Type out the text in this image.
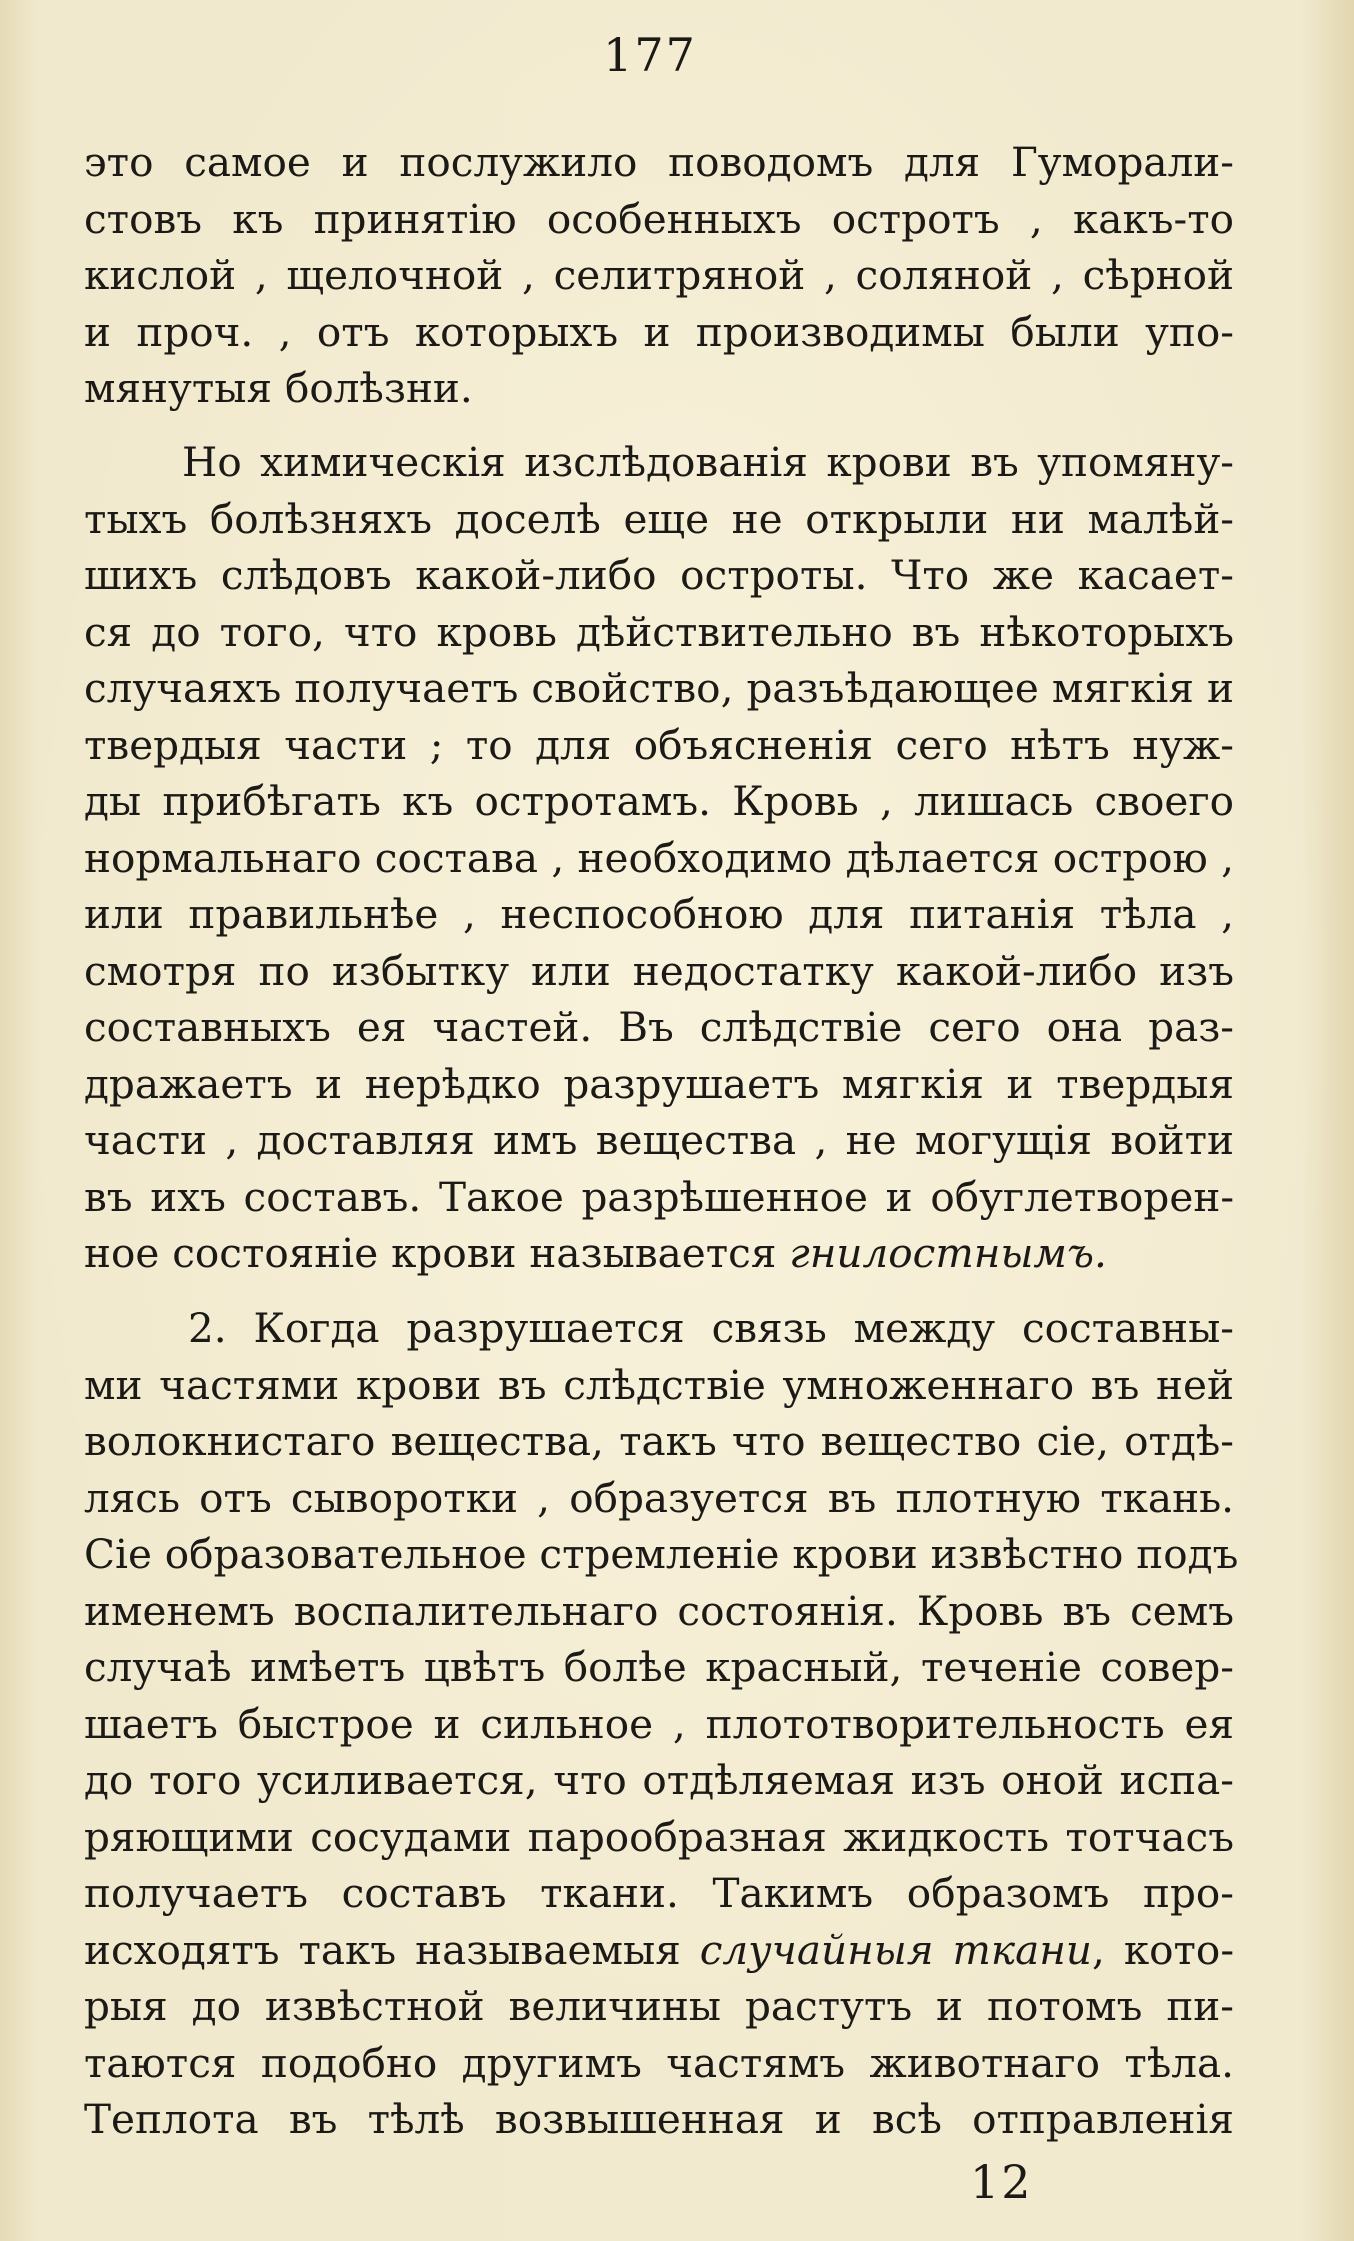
177
это самое и послужило поводомъ для Гуморали-
стовъ къ принятію особенныхъ остротъ , какъ-то
кислой , щелочной , селитряной , соляной , сѣрной
и проч. , отъ которыхъ и производимы были упо-
мянутыя болѣзни.
Но химическія изслѣдованія крови въ упомяну-
тыхъ болѣзняхъ доселѣ еще не открыли ни малѣй-
шихъ слѣдовъ какой-либо остроты. Что же касает-
ся до того, что кровь дѣйствительно въ нѣкоторыхъ
случаяхъ получаетъ свойство, разъѣдающее мягкія и
твердыя части ; то для объясненія сего нѣтъ нуж-
ды прибѣгать къ остротамъ. Кровь , лишась своего
нормальнаго состава , необходимо дѣлается острою ,
или правильнѣе , неспособною для питанія тѣла ,
смотря по избытку или недостатку какой-либо изъ
составныхъ ея частей. Въ слѣдствіе сего она раз-
дражаетъ и нерѣдко разрушаетъ мягкія и твердыя
части , доставляя имъ вещества , не могущія войти
въ ихъ составъ. Такое разрѣшенное и обуглетворен-
ное состояніе крови называется гнилостнымъ.
2. Когда разрушается связь между составны-
ми частями крови въ слѣдствіе умноженнаго въ ней
волокнистаго вещества, такъ что вещество сіе, отдѣ-
лясь отъ сыворотки , образуется въ плотную ткань.
Сіе образовательное стремленіе крови извѣстно подъ
именемъ воспалительнаго состоянія. Кровь въ семъ
случаѣ имѣетъ цвѣтъ болѣе красный, теченіе совер-
шаетъ быстрое и сильное , плототворительность ея
до того усиливается, что отдѣляемая изъ оной испа-
ряющими сосудами парообразная жидкость тотчасъ
получаетъ составъ ткани. Такимъ образомъ про-
исходятъ такъ называемыя случайныя ткани, кото-
рыя до извѣстной величины растутъ и потомъ пи-
таются подобно другимъ частямъ животнаго тѣла.
Теплота въ тѣлѣ возвышенная и всѣ отправленія
12
